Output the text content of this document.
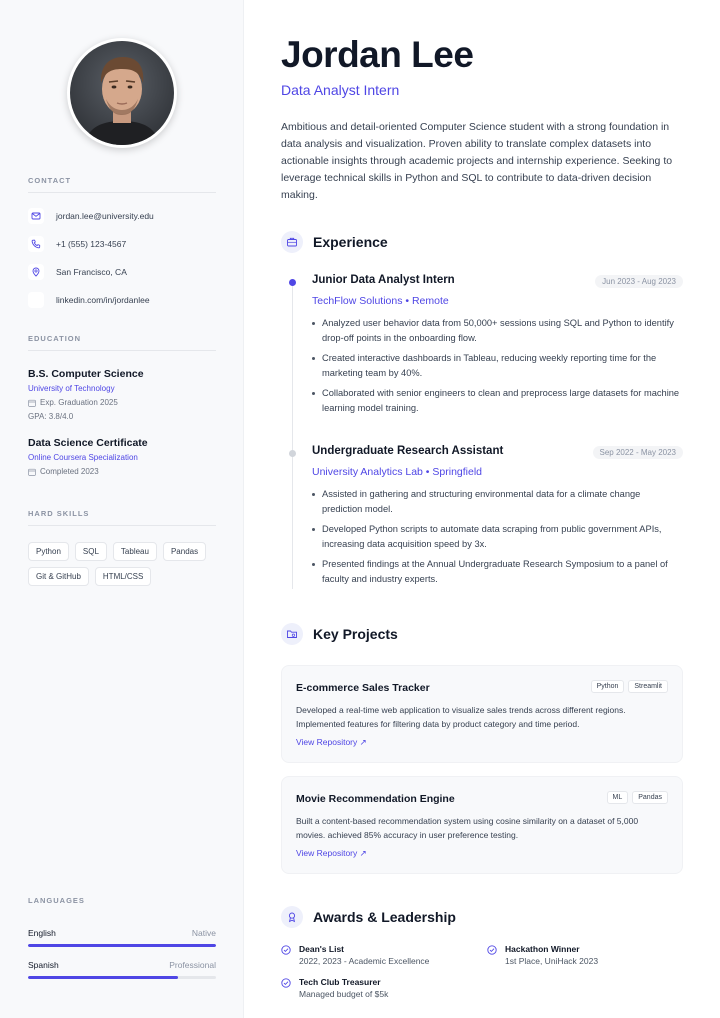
CONTACT
jordan.lee@university.edu
+1 (555) 123-4567
San Francisco, CA
linkedin.com/in/jordanlee
EDUCATION
B.S. Computer Science
University of Technology
Exp. Graduation 2025
GPA: 3.8/4.0
Data Science Certificate
Online Coursera Specialization
Completed 2023
HARD SKILLS
Python	SQL	Tableau	Pandas
Git & GitHub	HTML/CSS
LANGUAGES
English	Native
Spanish	Professional
Jordan Lee
Data Analyst Intern

Ambitious and detail-oriented Computer Science student with a strong foundation in data analysis and visualization. Proven ability to translate complex datasets into actionable insights through academic projects and internship experience. Seeking to leverage technical skills in Python and SQL to contribute to data-driven decision making.

Experience
Junior Data Analyst Intern	Jun 2023 - Aug 2023
TechFlow Solutions • Remote
Analyzed user behavior data from 50,000+ sessions using SQL and Python to identify drop-off points in the onboarding flow.
Created interactive dashboards in Tableau, reducing weekly reporting time for the marketing team by 40%.
Collaborated with senior engineers to clean and preprocess large datasets for machine learning model training.
Undergraduate Research Assistant	Sep 2022 - May 2023
University Analytics Lab • Springfield
Assisted in gathering and structuring environmental data for a climate change prediction model.
Developed Python scripts to automate data scraping from public government APIs, increasing data acquisition speed by 3x.
Presented findings at the Annual Undergraduate Research Symposium to a panel of faculty and industry experts.
Key Projects
E-commerce Sales Tracker	Python	Streamlit
Developed a real-time web application to visualize sales trends across different regions. Implemented features for filtering data by product category and time period.
View Repository ↗
Movie Recommendation Engine	ML	Pandas
Built a content-based recommendation system using cosine similarity on a dataset of 5,000 movies. achieved 85% accuracy in user preference testing.
View Repository ↗
Awards & Leadership
Dean's List
2022, 2023 - Academic Excellence
Hackathon Winner
1st Place, UniHack 2023
Tech Club Treasurer
Managed budget of $5k
